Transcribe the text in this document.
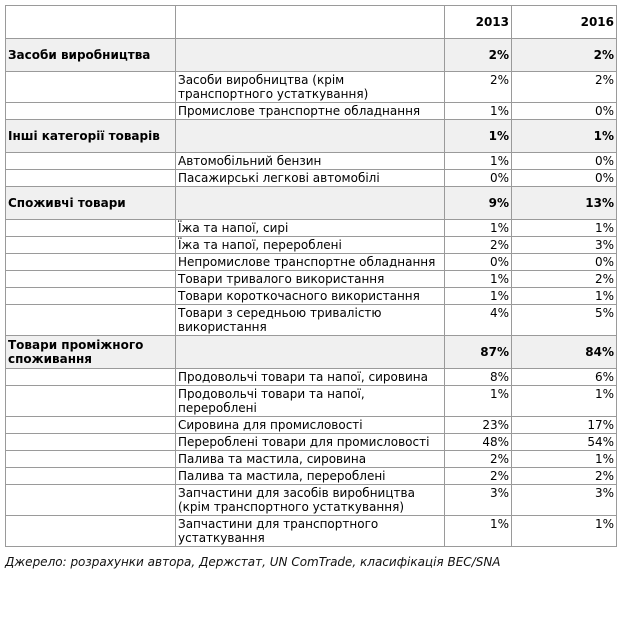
		2013	2016
Засоби виробництва		2%	2%
	Засоби виробництва (крім транспортного устаткування)	2%	2%
	Промислове транспортне обладнання	1%	0%
Інші категорії товарів		1%	1%
	Автомобільний бензин	1%	0%
	Пасажирські легкові автомобілі	0%	0%
Споживчі товари		9%	13%
	Їжа та напої, сирі	1%	1%
	Їжа та напої, перероблені	2%	3%
	Непромислове транспортне обладнання	0%	0%
	Товари тривалого використання	1%	2%
	Товари короткочасного використання	1%	1%
	Товари з середньою тривалістю використання	4%	5%
Товари проміжного споживання		87%	84%
	Продовольчі товари та напої, сировина	8%	6%
	Продовольчі товари та напої, перероблені	1%	1%
	Сировина для промисловості	23%	17%
	Перероблені товари для промисловості	48%	54%
	Палива та мастила, сировина	2%	1%
	Палива та мастила, перероблені	2%	2%
	Запчастини для засобів виробництва (крім транспортного устаткування)	3%	3%
	Запчастини для транспортного устаткування	1%	1%
Джерело: розрахунки автора, Держстат, UN ComTrade, класифікація BEC/SNA
